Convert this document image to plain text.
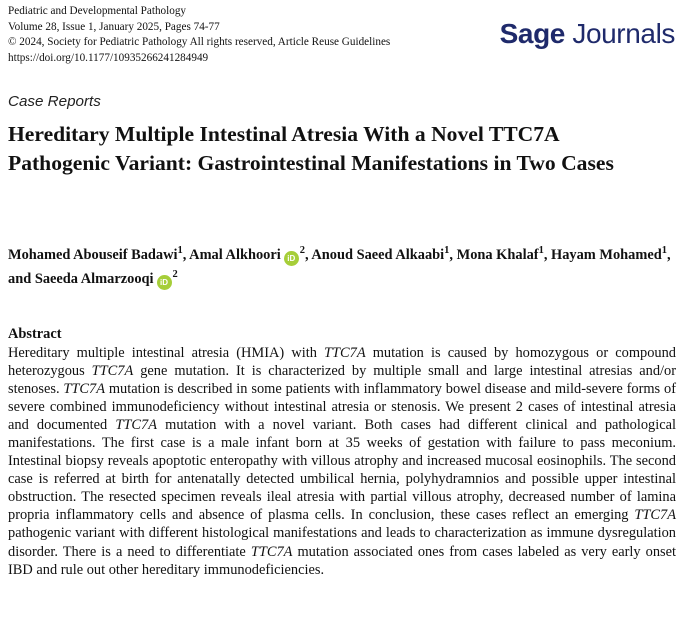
Pediatric and Developmental Pathology
Volume 28, Issue 1, January 2025, Pages 74-77
© 2024, Society for Pediatric Pathology All rights reserved, Article Reuse Guidelines
https://doi.org/10.1177/10935266241284949
Sage Journals
Case Reports
Hereditary Multiple Intestinal Atresia With a Novel TTC7A Pathogenic Variant: Gastrointestinal Manifestations in Two Cases
Mohamed Abouseif Badawi$^1$, Amal Alkhoori $iD^2$, Anoud Saeed Alkaabi$^1$, Mona Khalaf$^1$, Hayam Mohamed$^1$, and Saeeda Almarzooqi $iD^2$
Abstract

Hereditary multiple intestinal atresia (HMIA) with TTC7A mutation is caused by homozygous or compound heterozygous TTC7A gene mutation. It is characterized by multiple small and large intestinal atresias and/or stenoses. TTC7A mutation is described in some patients with inflammatory bowel disease and mild-severe forms of severe combined immunodeficiency without intestinal atresia or stenosis. We present 2 cases of intestinal atresia and documented TTC7A mutation with a novel variant. Both cases had different clinical and pathological manifestations. The first case is a male infant born at 35 weeks of gestation with failure to pass meconium. Intestinal biopsy reveals apoptotic enteropathy with villous atrophy and increased mucosal eosinophils. The second case is referred at birth for antenatally detected umbilical hernia, polyhydramnios and possible upper intestinal obstruction. The resected specimen reveals ileal atresia with partial villous atrophy, decreased number of lamina propria inflammatory cells and absence of plasma cells. In conclusion, these cases reflect an emerging TTC7A pathogenic variant with different histological manifestations and leads to characterization as immune dysregulation disorder. There is a need to differentiate TTC7A mutation associated ones from cases labeled as very early onset IBD and rule out other hereditary immunodeficiencies.
